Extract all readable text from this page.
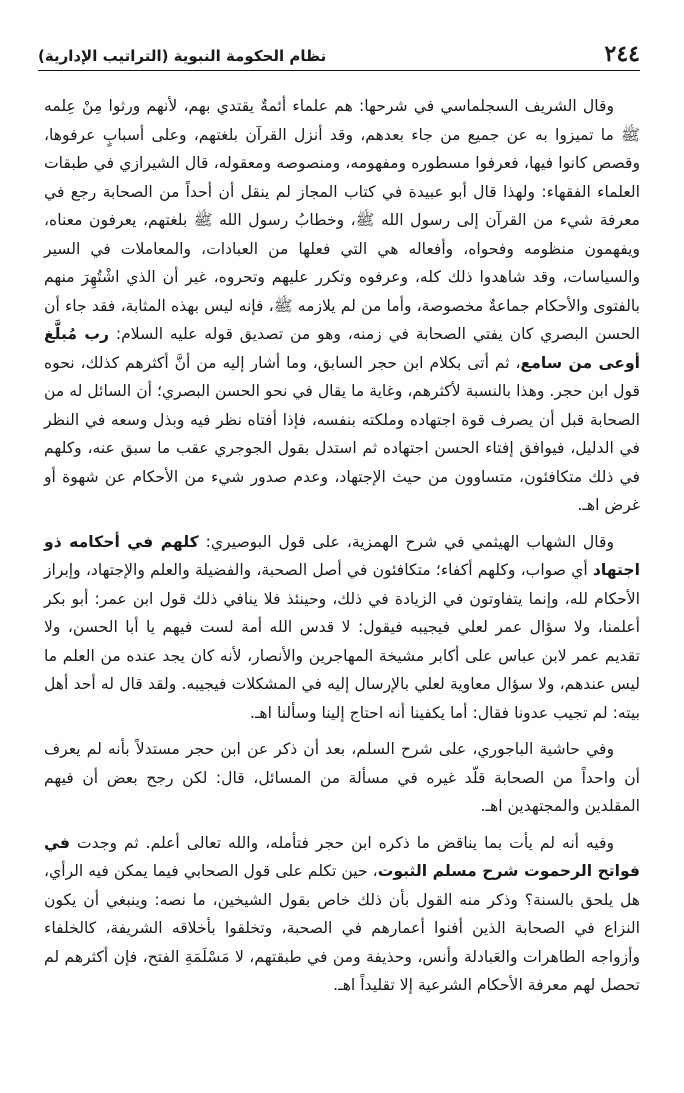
٢٤٤
نظام الحكومة النبوية (التراتيب الإدارية)

وقال الشريف السجلماسي في شرحها: هم علماء أئمةٌ يقتدي بهم، لأنهم ورثوا مِنْ عِلمه ﷺ ما تميزوا به عن جميع من جاء بعدهم، وقد أنزل القرآن بلغتهم، وعلى أسبابٍ عرفوها، وقصص كانوا فيها، فعرفوا مسطوره ومفهومه، ومنصوصه ومعقوله، قال الشيرازي في طبقات العلماء الفقهاء: ولهذا قال أبو عبيدة في كتاب المجاز لم ينقل أن أحداً من الصحابة رجع في معرفة شيء من القرآن إلى رسول الله ﷺ، وخطابُ رسول الله ﷺ بلغتهم، يعرفون معناه، ويفهمون منظومه وفحواه، وأفعاله هي التي فعلها من العبادات، والمعاملات في السير والسياسات، وقد شاهدوا ذلك كله، وعرفوه وتكرر عليهم وتحروه، غير أن الذي اشْتُهِرَ منهم بالفتوى والأحكام جماعةٌ مخصوصة، وأما من لم يلازمه ﷺ، فإنه ليس بهذه المثابة، فقد جاء أن الحسن البصري كان يفتي الصحابة في زمنه، وهو من تصديق قوله عليه السلام: رب مُبلَّغ أوعى من سامع، ثم أتى بكلام ابن حجر السابق، وما أشار إليه من أنَّ أكثرهم كذلك، نحوه قول ابن حجر. وهذا بالنسبة لأكثرهم، وغاية ما يقال في نحو الحسن البصري؛ أن السائل له من الصحابة قبل أن يصرف قوة اجتهاده وملكته بنفسه، فإذا أفتاه نظر فيه وبذل وسعه في النظر في الدليل، فيوافق إفتاء الحسن اجتهاده ثم استدل بقول الجوجري عقب ما سبق عنه، وكلهم في ذلك متكافئون، متساوون من حيث الإجتهاد، وعدم صدور شيء من الأحكام عن شهوة أو غرض اهـ.

وقال الشهاب الهيثمي في شرح الهمزية، على قول البوصيري: كلهم في أحكامه ذو اجتهاد أي صواب، وكلهم أكفاء؛ متكافئون في أصل الصحبة، والفضيلة والعلم والإجتهاد، وإبراز الأحكام لله، وإنما يتفاوتون في الزيادة في ذلك، وحينئذ فلا ينافي ذلك قول ابن عمر: أبو بكر أعلمنا، ولا سؤال عمر لعلي فيجيبه فيقول: لا قدس الله أمة لست فيهم يا أبا الحسن، ولا تقديم عمر لابن عباس على أكابر مشيخة المهاجرين والأنصار، لأنه كان يجد عنده من العلم ما ليس عندهم، ولا سؤال معاوية لعلي بالإرسال إليه في المشكلات فيجيبه. ولقد قال له أحد أهل بيته: لم تجيب عدونا فقال: أما يكفينا أنه احتاج إلينا وسألنا اهـ.

وفي حاشية الباجوري، على شرح السلم، بعد أن ذكر عن ابن حجر مستدلاً بأنه لم يعرف أن واحداً من الصحابة قلّد غيره في مسألة من المسائل، قال: لكن رجح بعض أن فيهم المقلدين والمجتهدين اهـ.

وفيه أنه لم يأت بما يناقض ما ذكره ابن حجر فتأمله، والله تعالى أعلم. ثم وجدت في فواتح الرحموت شرح مسلم الثبوت، حين تكلم على قول الصحابي فيما يمكن فيه الرأي، هل يلحق بالسنة؟ وذكر منه القول بأن ذلك خاص بقول الشيخين، ما نصه: وينبغي أن يكون النزاع في الصحابة الذين أفنوا أعمارهم في الصحبة، وتخلقوا بأخلاقه الشريفة، كالخلفاء وأزواجه الطاهرات والعَبادلة وأنس، وحذيفة ومن في طبقتهم، لا مَسْلَمَةِ الفتح، فإن أكثرهم لم تحصل لهم معرفة الأحكام الشرعية إلا تقليداً اهـ.
